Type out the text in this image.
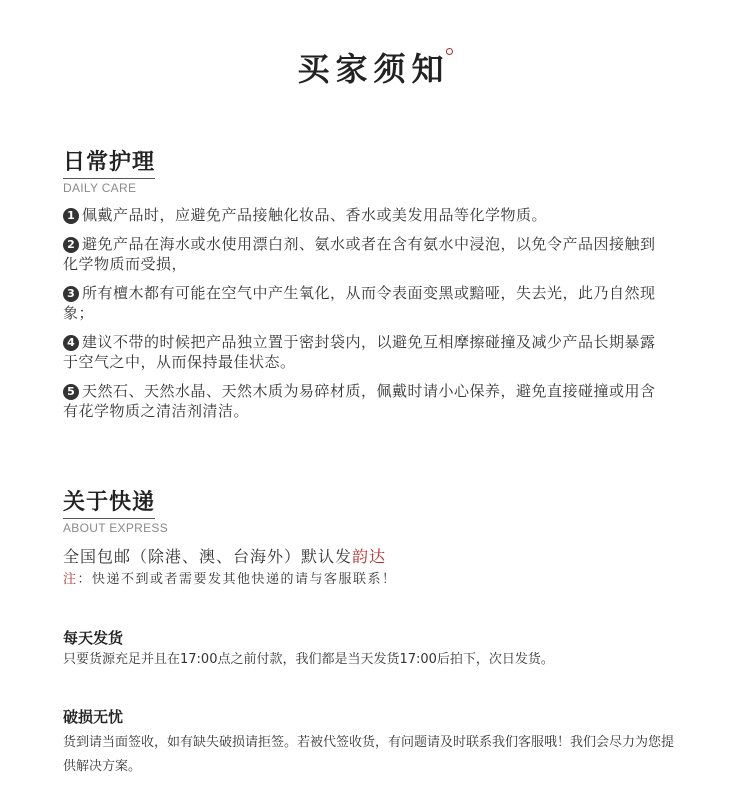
买家须知
日常护理
DAILY CARE
1 佩戴产品时，应避免产品接触化妆品、香水或美发用品等化学物质。
2 避免产品在海水或水使用漂白剂、氨水或者在含有氨水中浸泡，以免令产品因接触到化学物质而受损，
3 所有檀木都有可能在空气中产生氧化，从而令表面变黑或黯哑，失去光，此乃自然现象；
4 建议不带的时候把产品独立置于密封袋内，以避免互相摩擦碰撞及减少产品长期暴露于空气之中，从而保持最佳状态。
5 天然石、天然水晶、天然木质为易碎材质，佩戴时请小心保养，避免直接碰撞或用含有花学物质之清洁剂清洁。
关于快递
ABOUT EXPRESS
全国包邮（除港、澳、台海外）默认发韵达
注：快递不到或者需要发其他快递的请与客服联系！
每天发货
只要货源充足并且在17:00点之前付款，我们都是当天发货17:00后拍下，次日发货。
破损无忧
货到请当面签收，如有缺失破损请拒签。若被代签收货，有问题请及时联系我们客服哦！我们会尽力为您提供解决方案。
